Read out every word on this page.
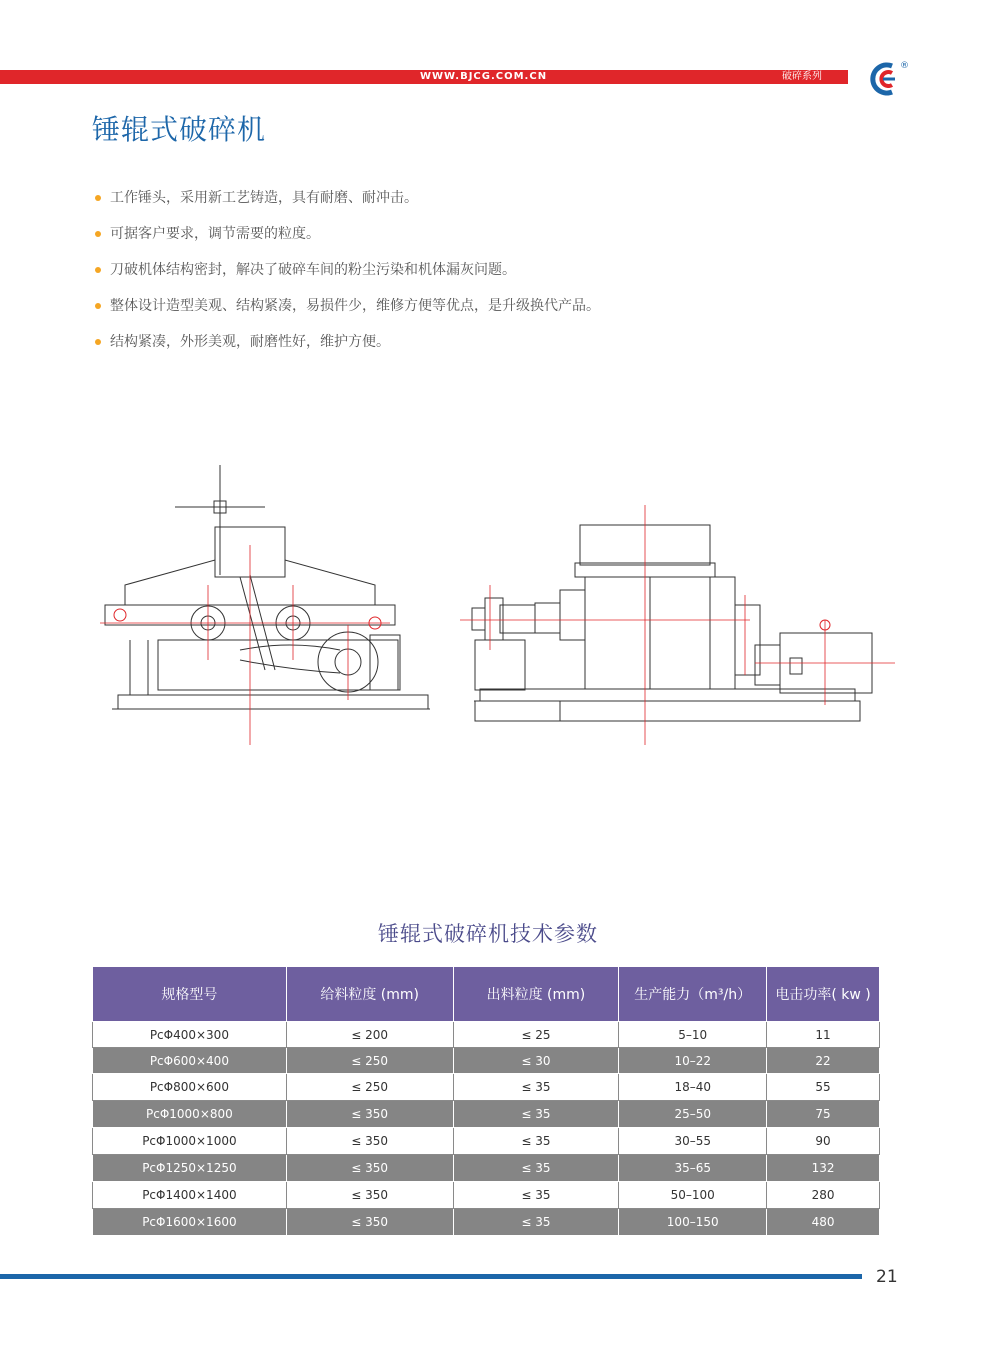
WWW.BJCG.COM.CN	破碎系列
®
锤辊式破碎机
工作锤头，采用新工艺铸造，具有耐磨、耐冲击。
可据客户要求，调节需要的粒度。
刀破机体结构密封，解决了破碎车间的粉尘污染和机体漏灰问题。
整体设计造型美观、结构紧凑，易损件少，维修方便等优点，是升级换代产品。
结构紧凑，外形美观，耐磨性好，维护方便。
锤辊式破碎机技术参数
规格型号	给料粒度 (mm)	出料粒度 (mm)	生产能力（m³/h）	电击功率( kw )
PcΦ400×300	≤ 200	≤ 25	5–10	11
PcΦ600×400	≤ 250	≤ 30	10–22	22
PcΦ800×600	≤ 250	≤ 35	18–40	55
PcΦ1000×800	≤ 350	≤ 35	25–50	75
PcΦ1000×1000	≤ 350	≤ 35	30–55	90
PcΦ1250×1250	≤ 350	≤ 35	35–65	132
PcΦ1400×1400	≤ 350	≤ 35	50–100	280
PcΦ1600×1600	≤ 350	≤ 35	100–150	480
21
